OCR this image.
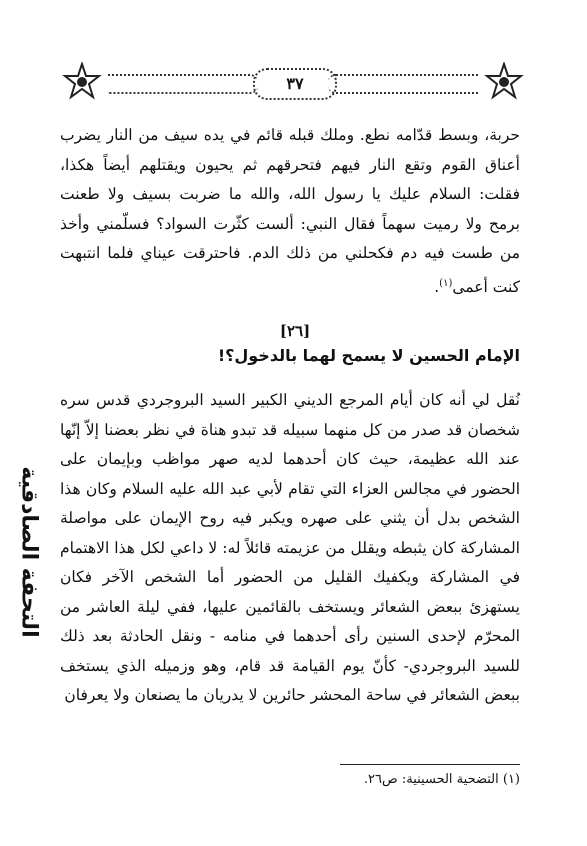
٣٧
حربة، وبسط قدّامه نطع. وملك قبله قائم في يده سيف من النار يضرب أعناق القوم وتقع النار فيهم فتحرقهم ثم يحيون ويقتلهم أيضاً هكذا، فقلت: السلام عليك يا رسول الله، والله ما ضربت بسيف ولا طعنت برمح ولا رميت سهماً فقال النبي: ألست كثّرت السواد؟ فسلّمني وأخذ من طست فيه دم فكحلني من ذلك الدم. فاحترقت عيناي فلما انتبهت كنت أعمى$^{(١)}$.
[٢٦]
الإمام الحسين لا يسمح لهما بالدخول؟!
نُقل لي أنه كان أيام المرجع الديني الكبير السيد البروجردي قدس سره شخصان قد صدر من كل منهما سبيله قد تبدو هناة في نظر بعضنا إلاّ إنّها عند الله عظيمة، حيث كان أحدهما لديه صهر مواظب وبإيمان على الحضور في مجالس العزاء التي تقام لأبي عبد الله عليه السلام وكان هذا الشخص بدل أن يثني على صهره ويكبر فيه روح الإيمان على مواصلة المشاركة كان يثبطه ويقلل من عزيمته قائلاً له: لا داعي لكل هذا الاهتمام في المشاركة ويكفيك القليل من الحضور أما الشخص الآخر فكان يستهزئ ببعض الشعائر ويستخف بالقائمين عليها، ففي ليلة العاشر من المحرّم لإحدى السنين رأى أحدهما في منامه - ونقل الحادثة بعد ذلك للسيد البروجردي- كأنّ يوم القيامة قد قام، وهو وزميله الذي يستخف ببعض الشعائر في ساحة المحشر حائرين لا يدريان ما يصنعان ولا يعرفان
(١) التضحية الحسينية: ص٢٦.
التحفة الصادقية
